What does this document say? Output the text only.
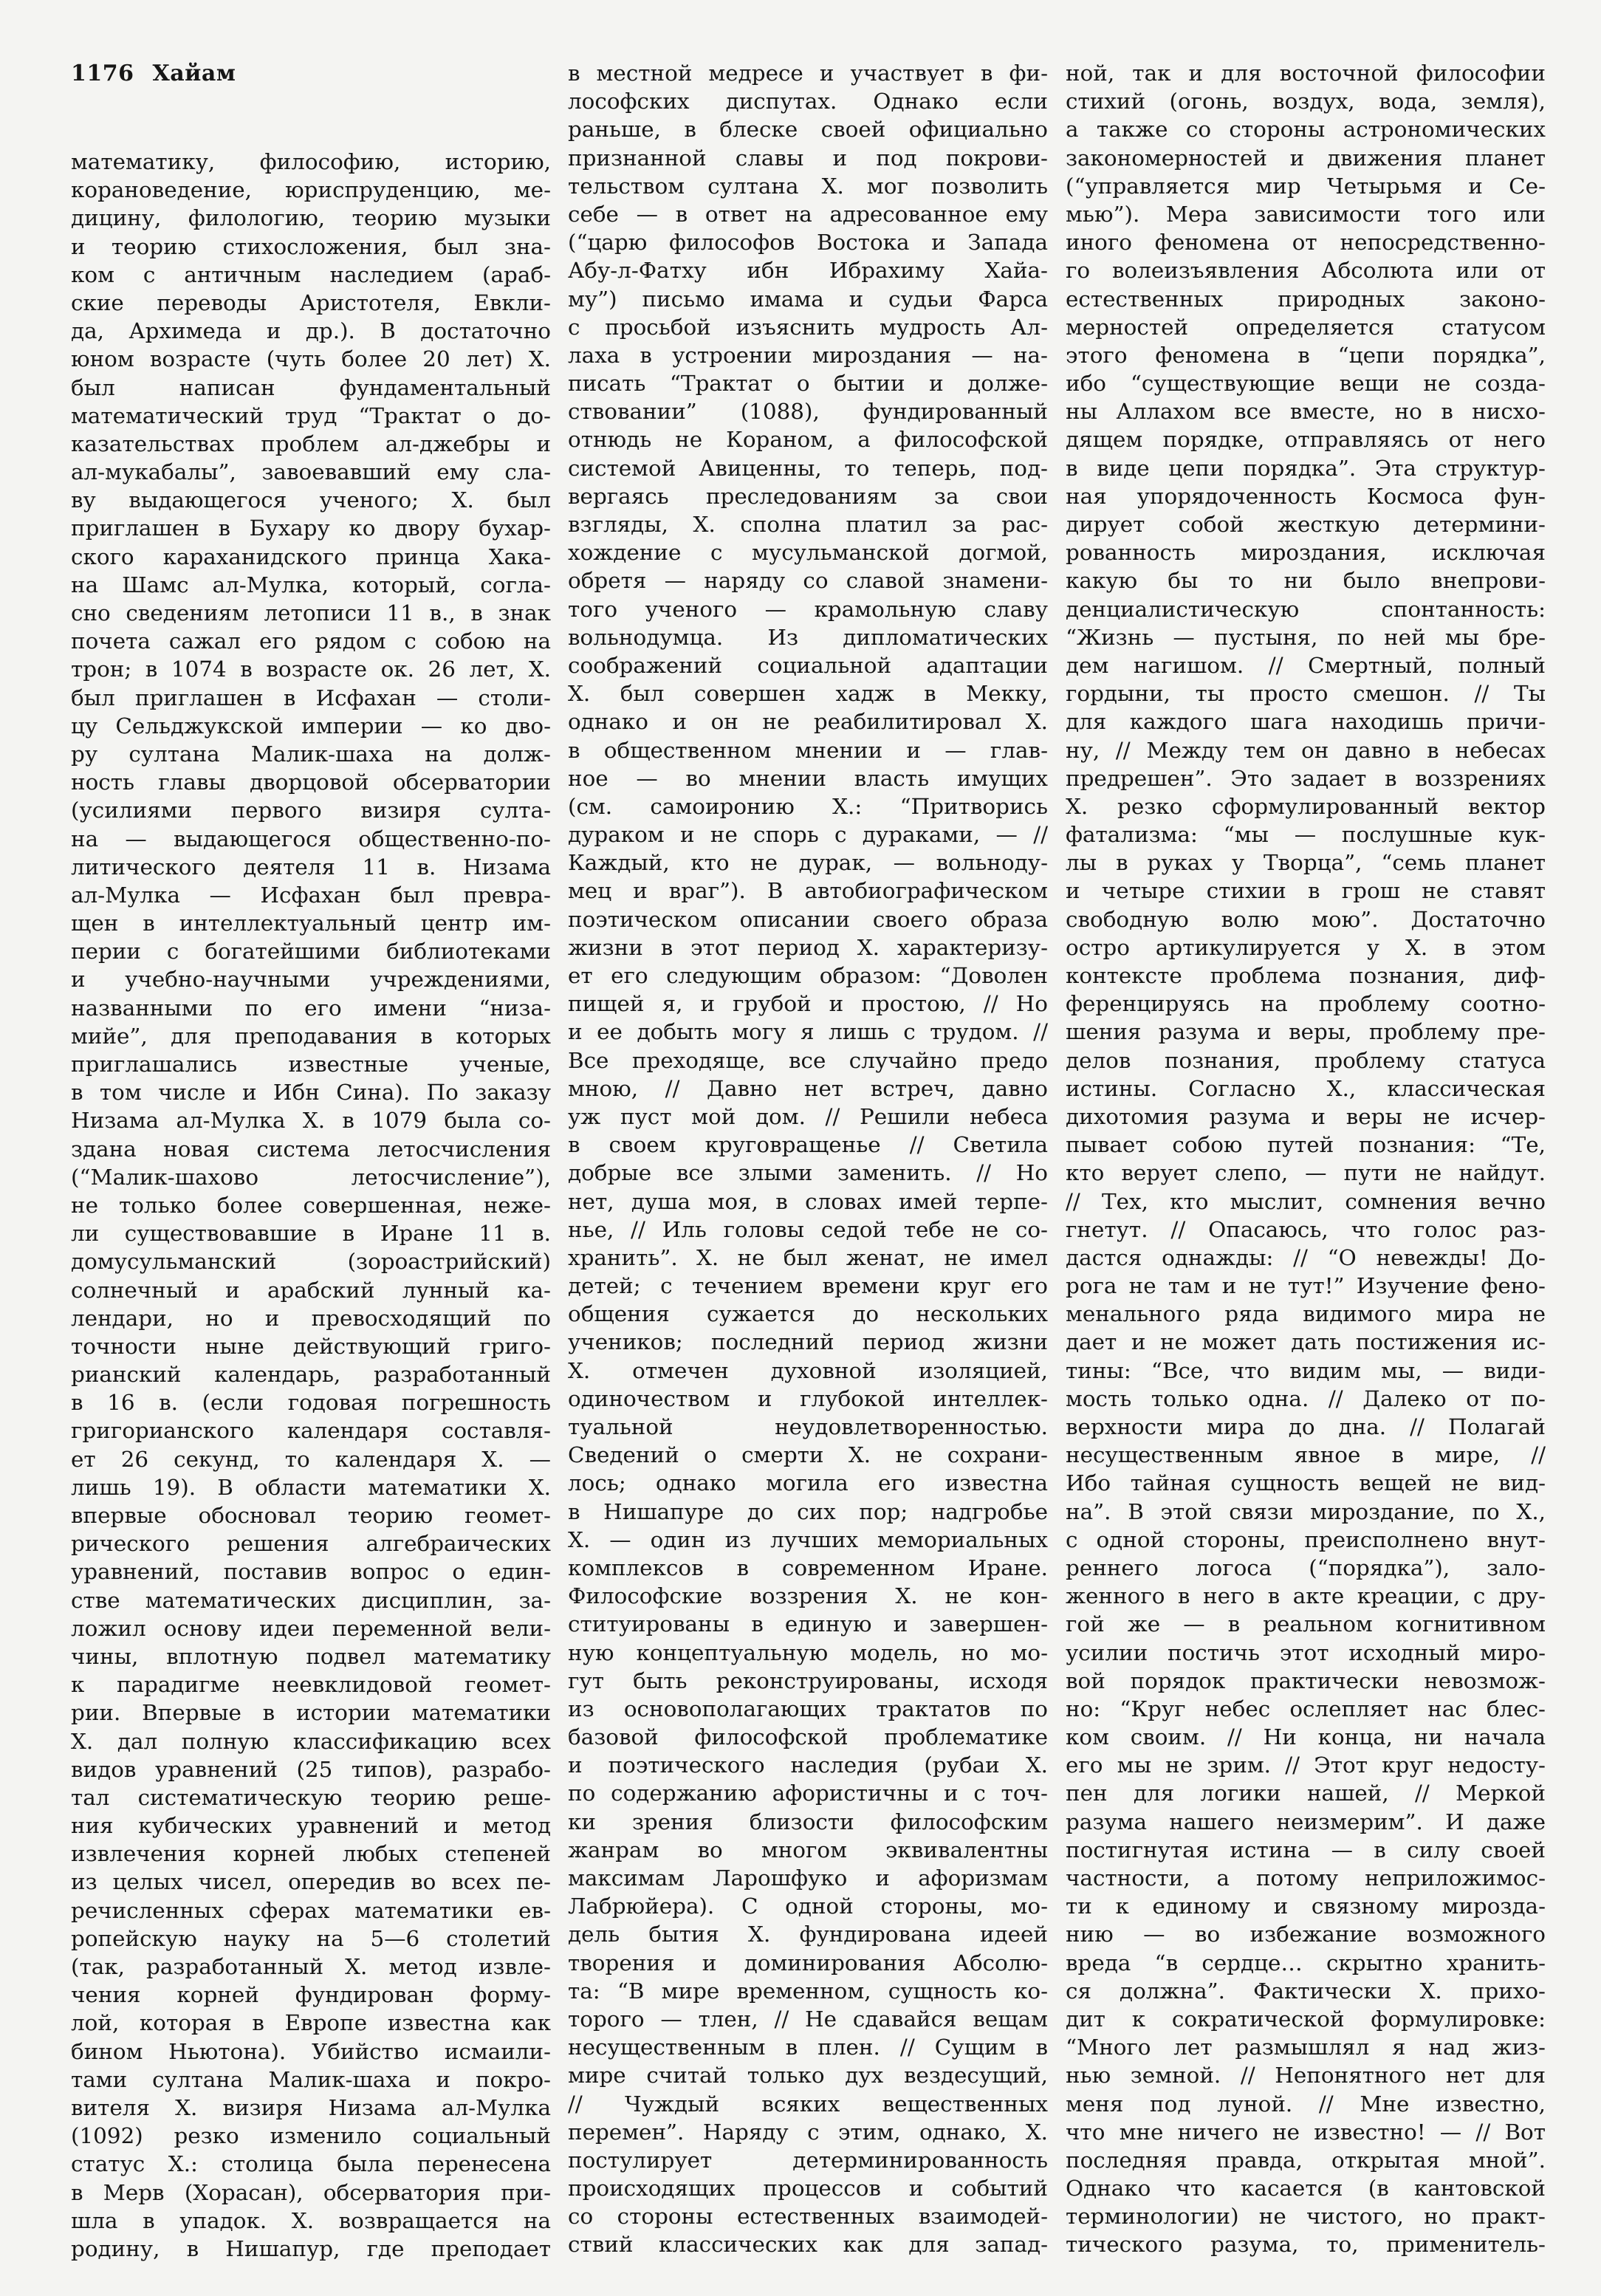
1176 Хайам
математику, философию, историю,
корановедение, юриспруденцию, ме-
дицину, филологию, теорию музыки
и теорию стихосложения, был зна-
ком с античным наследием (араб-
ские переводы Аристотеля, Евкли-
да, Архимеда и др.). В достаточно
юном возрасте (чуть более 20 лет) Х.
был написан фундаментальный
математический труд “Трактат о до-
казательствах проблем ал-джебры и
ал-мукабалы”, завоевавший ему сла-
ву выдающегося ученого; Х. был
приглашен в Бухару ко двору бухар-
ского караханидского принца Хака-
на Шамс ал-Мулка, который, согла-
сно сведениям летописи 11 в., в знак
почета сажал его рядом с собою на
трон; в 1074 в возрасте ок. 26 лет, Х.
был приглашен в Исфахан — столи-
цу Сельджукской империи — ко дво-
ру султана Малик-шаха на долж-
ность главы дворцовой обсерватории
(усилиями первого визиря султа-
на — выдающегося общественно-по-
литического деятеля 11 в. Низама
ал-Мулка — Исфахан был превра-
щен в интеллектуальный центр им-
перии с богатейшими библиотеками
и учебно-научными учреждениями,
названными по его имени “низа-
мийе”, для преподавания в которых
приглашались известные ученые,
в том числе и Ибн Сина). По заказу
Низама ал-Мулка Х. в 1079 была со-
здана новая система летосчисления
(“Малик-шахово летосчисление”),
не только более совершенная, неже-
ли существовавшие в Иране 11 в.
домусульманский (зороастрийский)
солнечный и арабский лунный ка-
лендари, но и превосходящий по
точности ныне действующий григо-
рианский календарь, разработанный
в 16 в. (если годовая погрешность
григорианского календаря составля-
ет 26 секунд, то календаря Х. —
лишь 19). В области математики Х.
впервые обосновал теорию геомет-
рического решения алгебраических
уравнений, поставив вопрос о един-
стве математических дисциплин, за-
ложил основу идеи переменной вели-
чины, вплотную подвел математику
к парадигме неевклидовой геомет-
рии. Впервые в истории математики
Х. дал полную классификацию всех
видов уравнений (25 типов), разрабо-
тал систематическую теорию реше-
ния кубических уравнений и метод
извлечения корней любых степеней
из целых чисел, опередив во всех пе-
речисленных сферах математики ев-
ропейскую науку на 5—6 столетий
(так, разработанный Х. метод извле-
чения корней фундирован форму-
лой, которая в Европе известна как
бином Ньютона). Убийство исмаили-
тами султана Малик-шаха и покро-
вителя Х. визиря Низама ал-Мулка
(1092) резко изменило социальный
статус Х.: столица была перенесена
в Мерв (Хорасан), обсерватория при-
шла в упадок. Х. возвращается на
родину, в Нишапур, где преподает
в местной медресе и участвует в фи-
лософских диспутах. Однако если
раньше, в блеске своей официально
признанной славы и под покрови-
тельством султана Х. мог позволить
себе — в ответ на адресованное ему
(“царю философов Востока и Запада
Абу-л-Фатху ибн Ибрахиму Хайа-
му”) письмо имама и судьи Фарса
с просьбой изъяснить мудрость Ал-
лаха в устроении мироздания — на-
писать “Трактат о бытии и долже-
ствовании” (1088), фундированный
отнюдь не Кораном, а философской
системой Авиценны, то теперь, под-
вергаясь преследованиям за свои
взгляды, Х. сполна платил за рас-
хождение с мусульманской догмой,
обретя — наряду со славой знамени-
того ученого — крамольную славу
вольнодумца. Из дипломатических
соображений социальной адаптации
Х. был совершен хадж в Мекку,
однако и он не реабилитировал Х.
в общественном мнении и — глав-
ное — во мнении власть имущих
(см. самоиронию Х.: “Притворись
дураком и не спорь с дураками, — //
Каждый, кто не дурак, — вольноду-
мец и враг”). В автобиографическом
поэтическом описании своего образа
жизни в этот период Х. характеризу-
ет его следующим образом: “Доволен
пищей я, и грубой и простою, // Но
и ее добыть могу я лишь с трудом. //
Все преходяще, все случайно предо
мною, // Давно нет встреч, давно
уж пуст мой дом. // Решили небеса
в своем круговращенье // Светила
добрые все злыми заменить. // Но
нет, душа моя, в словах имей терпе-
нье, // Иль головы седой тебе не со-
хранить”. Х. не был женат, не имел
детей; с течением времени круг его
общения сужается до нескольких
учеников; последний период жизни
Х. отмечен духовной изоляцией,
одиночеством и глубокой интеллек-
туальной неудовлетворенностью.
Сведений о смерти Х. не сохрани-
лось; однако могила его известна
в Нишапуре до сих пор; надгробье
Х. — один из лучших мемориальных
комплексов в современном Иране.
Философские воззрения Х. не кон-
ституированы в единую и завершен-
ную концептуальную модель, но мо-
гут быть реконструированы, исходя
из основополагающих трактатов по
базовой философской проблематике
и поэтического наследия (рубаи Х.
по содержанию афористичны и с точ-
ки зрения близости философским
жанрам во многом эквивалентны
максимам Ларошфуко и афоризмам
Лабрюйера). С одной стороны, мо-
дель бытия Х. фундирована идеей
творения и доминирования Абсолю-
та: “В мире временном, сущность ко-
торого — тлен, // Не сдавайся вещам
несущественным в плен. // Сущим в
мире считай только дух вездесущий,
// Чуждый всяких вещественных
перемен”. Наряду с этим, однако, Х.
постулирует детерминированность
происходящих процессов и событий
со стороны естественных взаимодей-
ствий классических как для запад-
ной, так и для восточной философии
стихий (огонь, воздух, вода, земля),
а также со стороны астрономических
закономерностей и движения планет
(“управляется мир Четырьмя и Се-
мью”). Мера зависимости того или
иного феномена от непосредственно-
го волеизъявления Абсолюта или от
естественных природных законо-
мерностей определяется статусом
этого феномена в “цепи порядка”,
ибо “существующие вещи не созда-
ны Аллахом все вместе, но в нисхо-
дящем порядке, отправляясь от него
в виде цепи порядка”. Эта структур-
ная упорядоченность Космоса фун-
дирует собой жесткую детермини-
рованность мироздания, исключая
какую бы то ни было внепрови-
денциалистическую спонтанность:
“Жизнь — пустыня, по ней мы бре-
дем нагишом. // Смертный, полный
гордыни, ты просто смешон. // Ты
для каждого шага находишь причи-
ну, // Между тем он давно в небесах
предрешен”. Это задает в воззрениях
Х. резко сформулированный вектор
фатализма: “мы — послушные кук-
лы в руках у Творца”, “семь планет
и четыре стихии в грош не ставят
свободную волю мою”. Достаточно
остро артикулируется у Х. в этом
контексте проблема познания, диф-
ференцируясь на проблему соотно-
шения разума и веры, проблему пре-
делов познания, проблему статуса
истины. Согласно Х., классическая
дихотомия разума и веры не исчер-
пывает собою путей познания: “Те,
кто верует слепо, — пути не найдут.
// Тех, кто мыслит, сомнения вечно
гнетут. // Опасаюсь, что голос раз-
дастся однажды: // “О невежды! До-
рога не там и не тут!” Изучение фено-
менального ряда видимого мира не
дает и не может дать постижения ис-
тины: “Все, что видим мы, — види-
мость только одна. // Далеко от по-
верхности мира до дна. // Полагай
несущественным явное в мире, //
Ибо тайная сущность вещей не вид-
на”. В этой связи мироздание, по Х.,
с одной стороны, преисполнено внут-
реннего логоса (“порядка”), зало-
женного в него в акте креации, с дру-
гой же — в реальном когнитивном
усилии постичь этот исходный миро-
вой порядок практически невозмож-
но: “Круг небес ослепляет нас блес-
ком своим. // Ни конца, ни начала
его мы не зрим. // Этот круг недосту-
пен для логики нашей, // Меркой
разума нашего неизмерим”. И даже
постигнутая истина — в силу своей
частности, а потому неприложимос-
ти к единому и связному мирозда-
нию — во избежание возможного
вреда “в сердце… скрытно хранить-
ся должна”. Фактически Х. прихо-
дит к сократической формулировке:
“Много лет размышлял я над жиз-
нью земной. // Непонятного нет для
меня под луной. // Мне известно,
что мне ничего не известно! — // Вот
последняя правда, открытая мной”.
Однако что касается (в кантовской
терминологии) не чистого, но практ-
тического разума, то, применитель-
